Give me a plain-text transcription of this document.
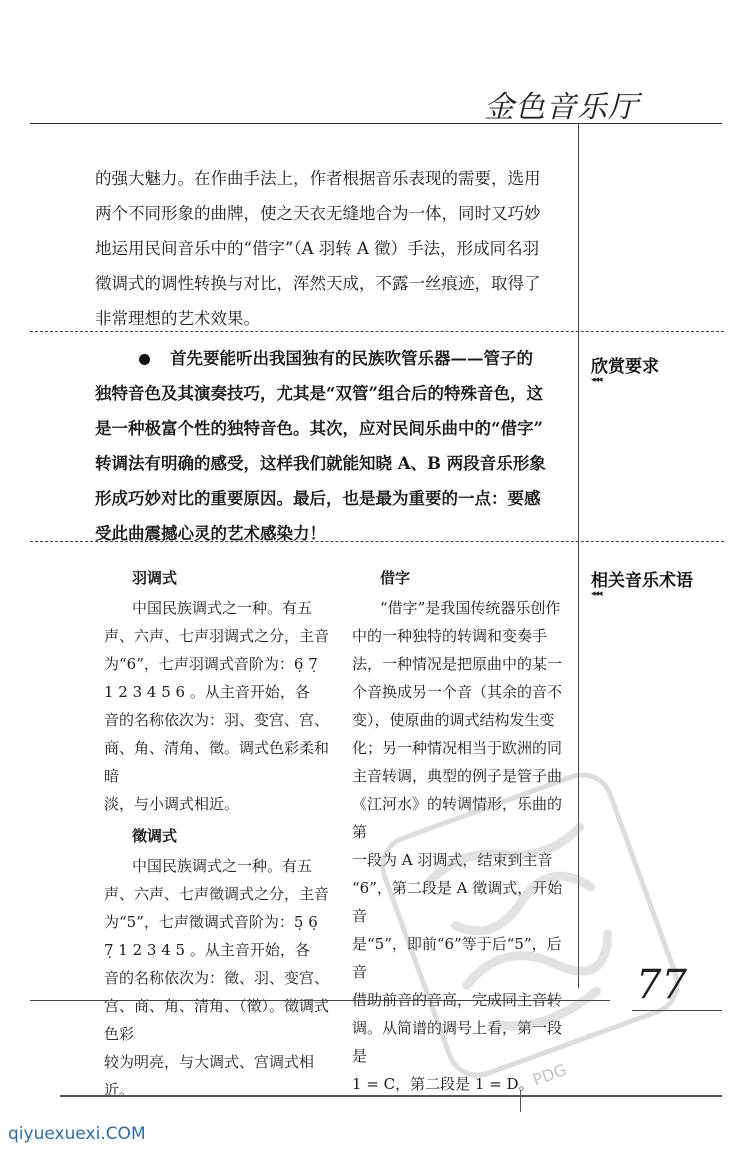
金色音乐厅
的强大魅力。在作曲手法上，作者根据音乐表现的需要，选用
两个不同形象的曲牌，使之天衣无缝地合为一体，同时又巧妙
地运用民间音乐中的“借字”（A 羽转 A 徵）手法，形成同名羽
徵调式的调性转换与对比，浑然天成，不露一丝痕迹，取得了
非常理想的艺术效果。
欣赏要求
◂◂◂
首先要能听出我国独有的民族吹管乐器——管子的
独特音色及其演奏技巧，尤其是“双管”组合后的特殊音色，这
是一种极富个性的独特音色。其次，应对民间乐曲中的“借字”
转调法有明确的感受，这样我们就能知晓 A、B 两段音乐形象
形成巧妙对比的重要原因。最后，也是最为重要的一点：要感
受此曲震撼心灵的艺术感染力！
相关音乐术语
◂◂◂
羽调式
中国民族调式之一种。有五
声、六声、七声羽调式之分，主音
为“6”，七声羽调式音阶为：6̣ 7̣
1 2 3 4 5 6 。从主音开始，各
音的名称依次为：羽、变宫、宫、
商、角、清角、徵。调式色彩柔和暗
淡，与小调式相近。
徵调式
中国民族调式之一种。有五
声、六声、七声徵调式之分，主音
为“5”，七声徵调式音阶为：5̣ 6̣
7̣ 1 2 3 4 5 。从主音开始，各
音的名称依次为：徵、羽、变宫、
宫、商、角、清角、（徵）。徵调式色彩
较为明亮，与大调式、宫调式相近。
借字
“借字”是我国传统器乐创作
中的一种独特的转调和变奏手
法，一种情况是把原曲中的某一
个音换成另一个音（其余的音不
变），使原曲的调式结构发生变
化；另一种情况相当于欧洲的同
主音转调，典型的例子是管子曲
《江河水》的转调情形，乐曲的第
一段为 A 羽调式，结束到主音
“6”，第二段是 A 徵调式，开始音
是“5”，即前“6”等于后“5”，后音
借助前音的音高，完成同主音转
调。从简谱的调号上看，第一段是
1 = C，第二段是 1 = D。
PDG
77
qiyuexuexi.COM
